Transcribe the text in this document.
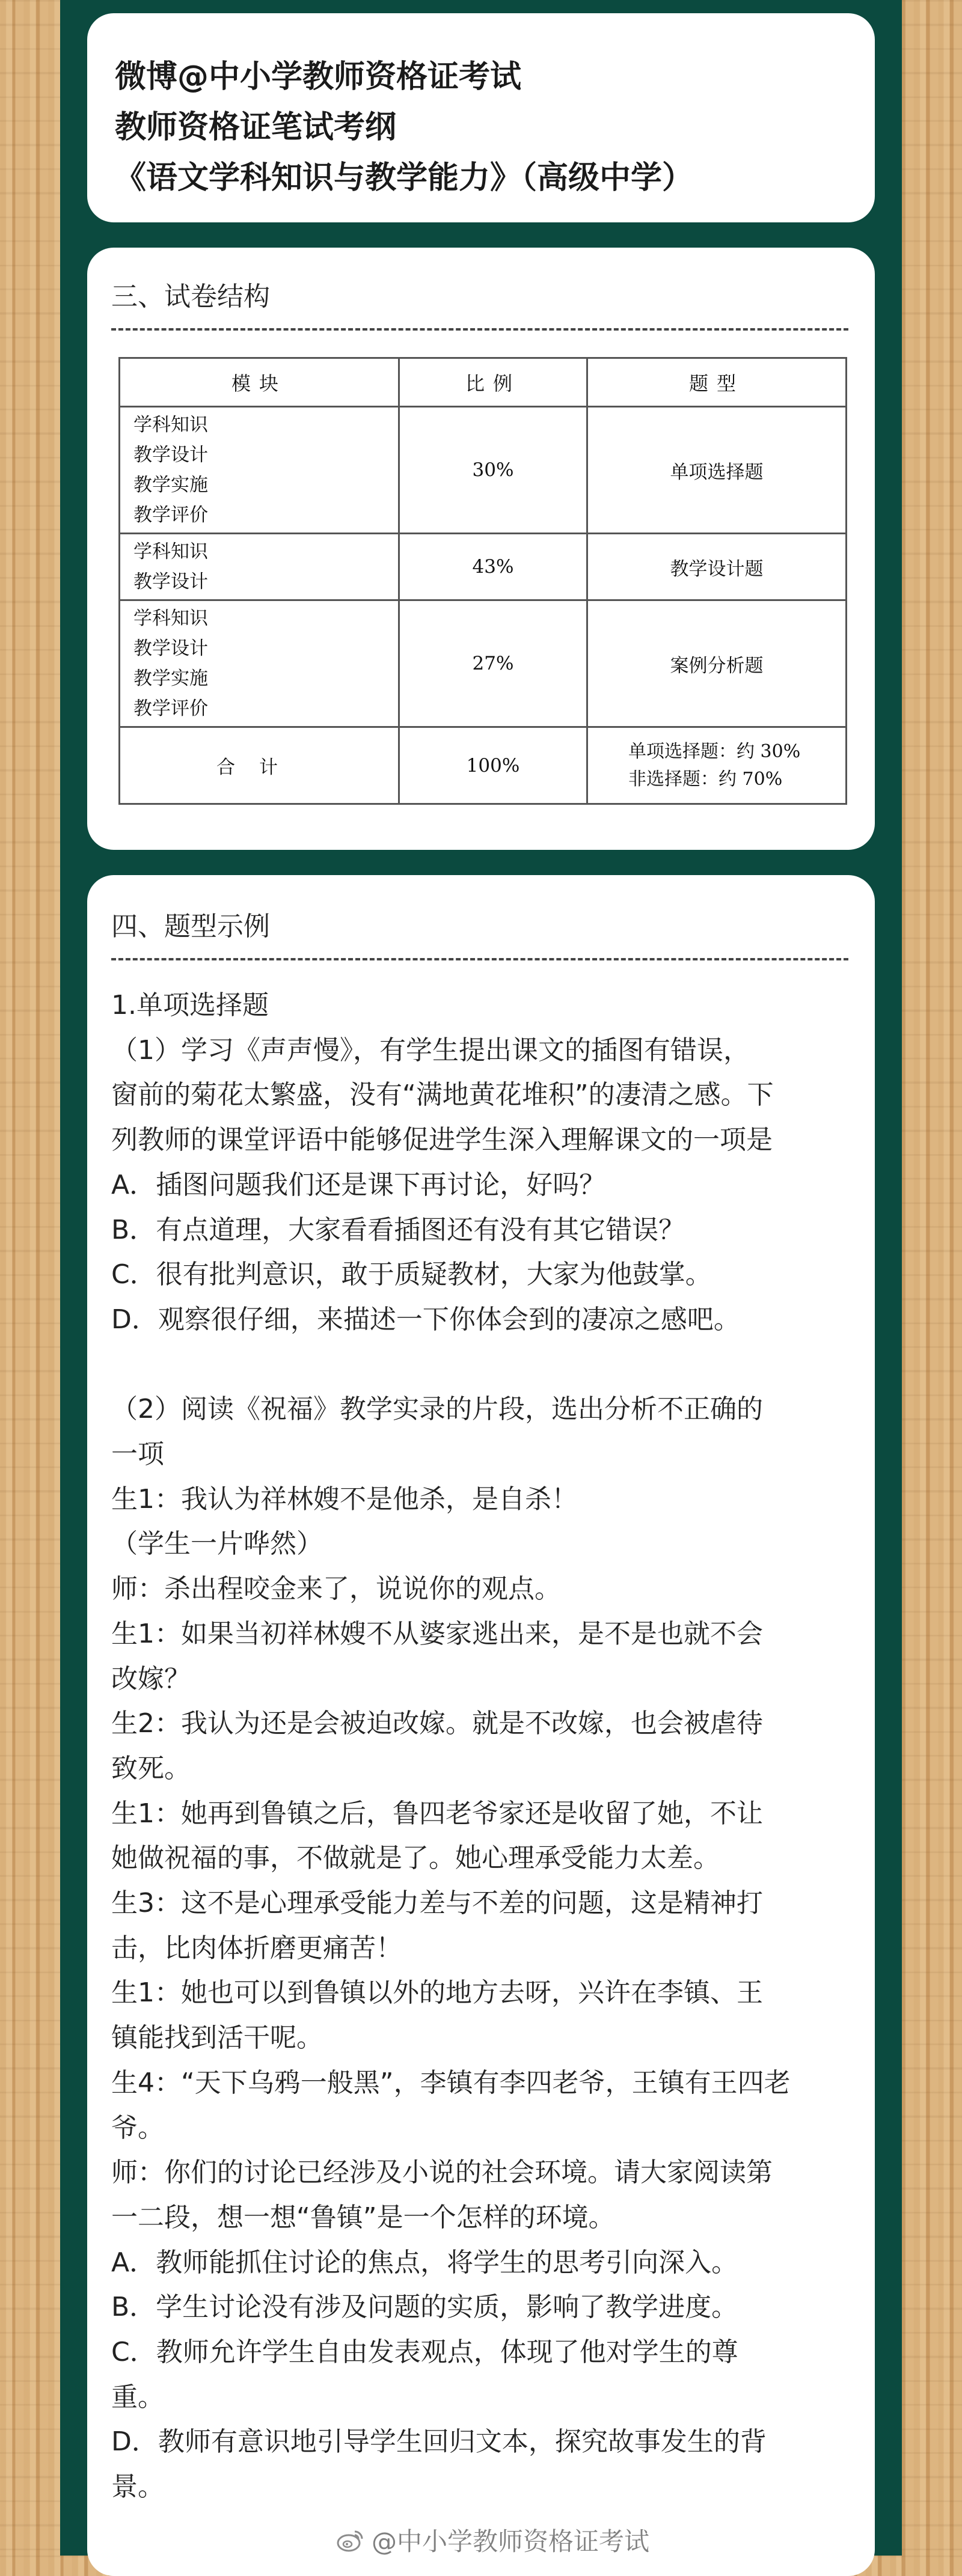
微博@中小学教师资格证考试
教师资格证笔试考纲
《语文学科知识与教学能力》（高级中学）
三、试卷结构
模块	比例	题型

学科知识
教学设计
教学实施
教学评价	30%	单项选择题

学科知识
教学设计	43%	教学设计题

学科知识
教学设计
教学实施
教学评价	27%	案例分析题
合计	100%	单项选择题：约 30%
非选择题：约 70%
四、题型示例
1.单项选择题
（1）学习《声声慢》，有学生提出课文的插图有错误，
窗前的菊花太繁盛，没有“满地黄花堆积”的凄清之感。下
列教师的课堂评语中能够促进学生深入理解课文的一项是
A．插图问题我们还是课下再讨论，好吗？
B．有点道理，大家看看插图还有没有其它错误？
C．很有批判意识，敢于质疑教材，大家为他鼓掌。
D．观察很仔细，来描述一下你体会到的凄凉之感吧。
（2）阅读《祝福》教学实录的片段，选出分析不正确的
一项
生1：我认为祥林嫂不是他杀，是自杀！
（学生一片哗然）
师：杀出程咬金来了，说说你的观点。
生1：如果当初祥林嫂不从婆家逃出来，是不是也就不会
改嫁？
生2：我认为还是会被迫改嫁。就是不改嫁，也会被虐待
致死。
生1：她再到鲁镇之后，鲁四老爷家还是收留了她，不让
她做祝福的事，不做就是了。她心理承受能力太差。
生3：这不是心理承受能力差与不差的问题，这是精神打
击，比肉体折磨更痛苦！
生1：她也可以到鲁镇以外的地方去呀，兴许在李镇、王
镇能找到活干呢。
生4：“天下乌鸦一般黑”，李镇有李四老爷，王镇有王四老
爷。
师：你们的讨论已经涉及小说的社会环境。请大家阅读第
一二段，想一想“鲁镇”是一个怎样的环境。
A．教师能抓住讨论的焦点，将学生的思考引向深入。
B．学生讨论没有涉及问题的实质，影响了教学进度。
C．教师允许学生自由发表观点，体现了他对学生的尊
重。
D．教师有意识地引导学生回归文本，探究故事发生的背
景。
@中小学教师资格证考试
